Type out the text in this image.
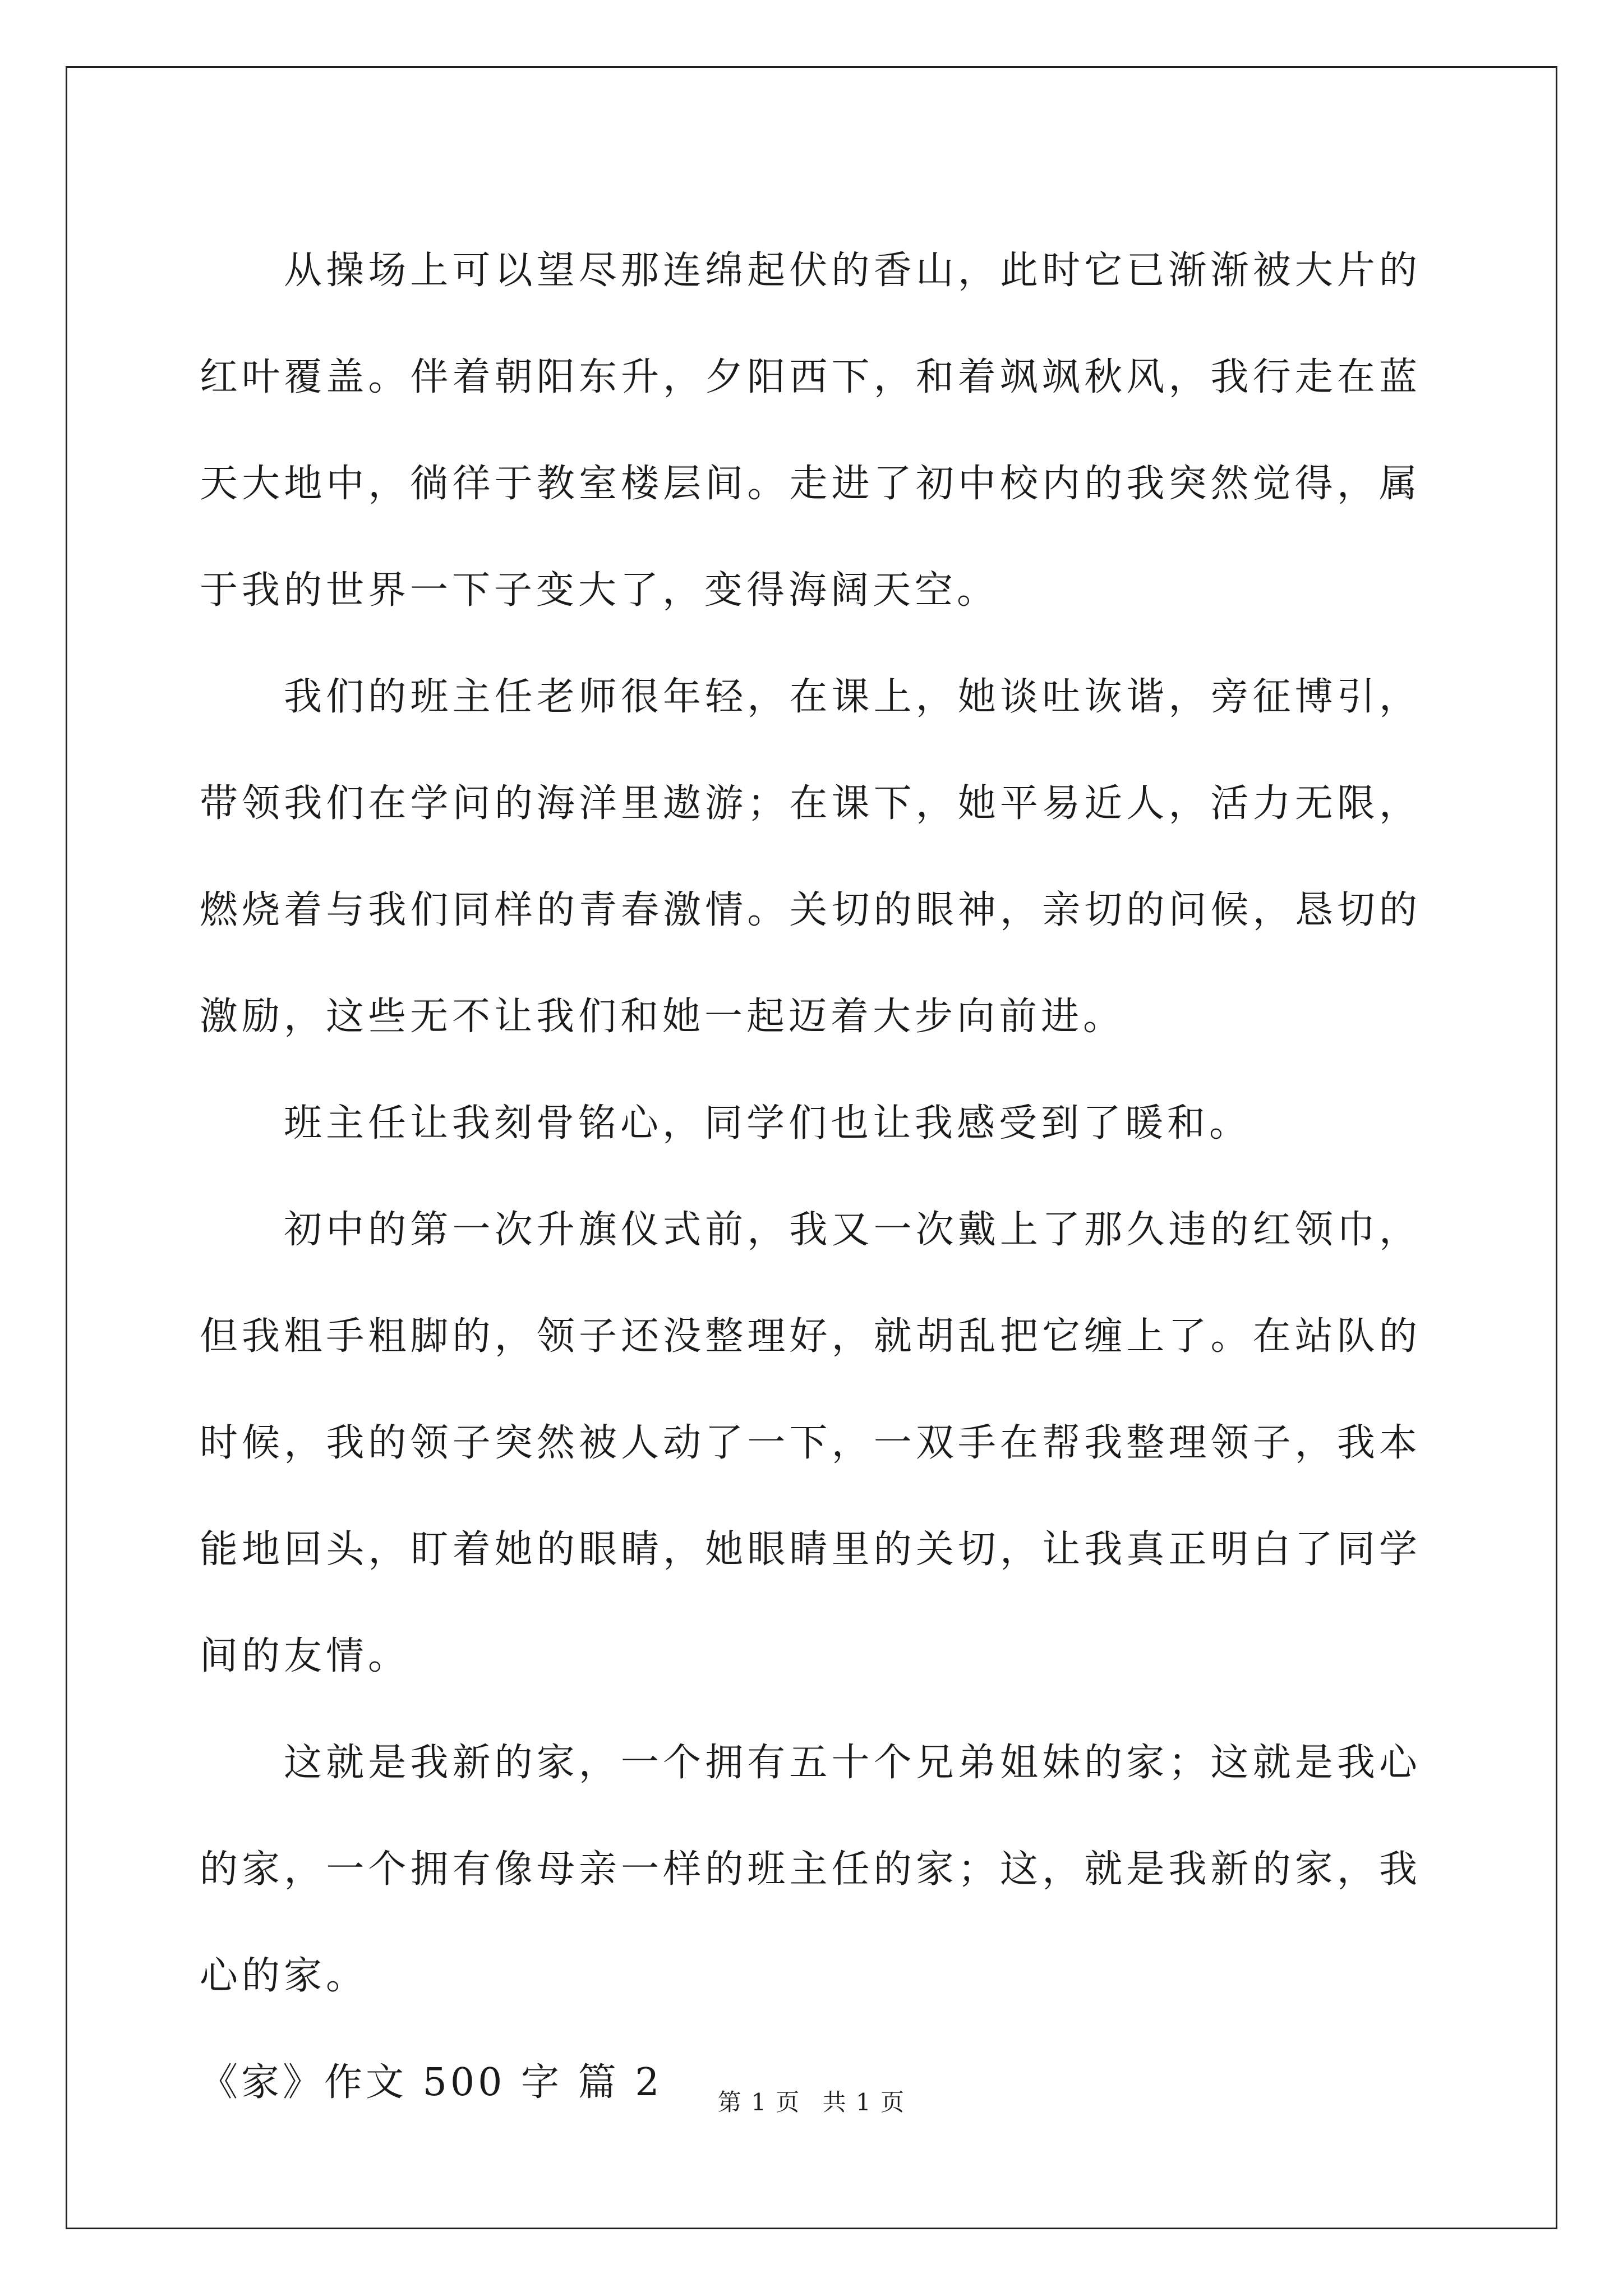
从操场上可以望尽那连绵起伏的香山，此时它已渐渐被大片的红叶覆盖。伴着朝阳东升，夕阳西下，和着飒飒秋风，我行走在蓝天大地中，徜徉于教室楼层间。走进了初中校内的我突然觉得，属于我的世界一下子变大了，变得海阔天空。

我们的班主任老师很年轻，在课上，她谈吐诙谐，旁征博引，带领我们在学问的海洋里遨游；在课下，她平易近人，活力无限，燃烧着与我们同样的青春激情。关切的眼神，亲切的问候，恳切的激励，这些无不让我们和她一起迈着大步向前进。

班主任让我刻骨铭心，同学们也让我感受到了暖和。

初中的第一次升旗仪式前，我又一次戴上了那久违的红领巾，但我粗手粗脚的，领子还没整理好，就胡乱把它缠上了。在站队的时候，我的领子突然被人动了一下，一双手在帮我整理领子，我本能地回头，盯着她的眼睛，她眼睛里的关切，让我真正明白了同学间的友情。

这就是我新的家，一个拥有五十个兄弟姐妹的家；这就是我心的家，一个拥有像母亲一样的班主任的家；这，就是我新的家，我心的家。

《家》作文 500 字 篇 2	第 1 页 共 1 页
